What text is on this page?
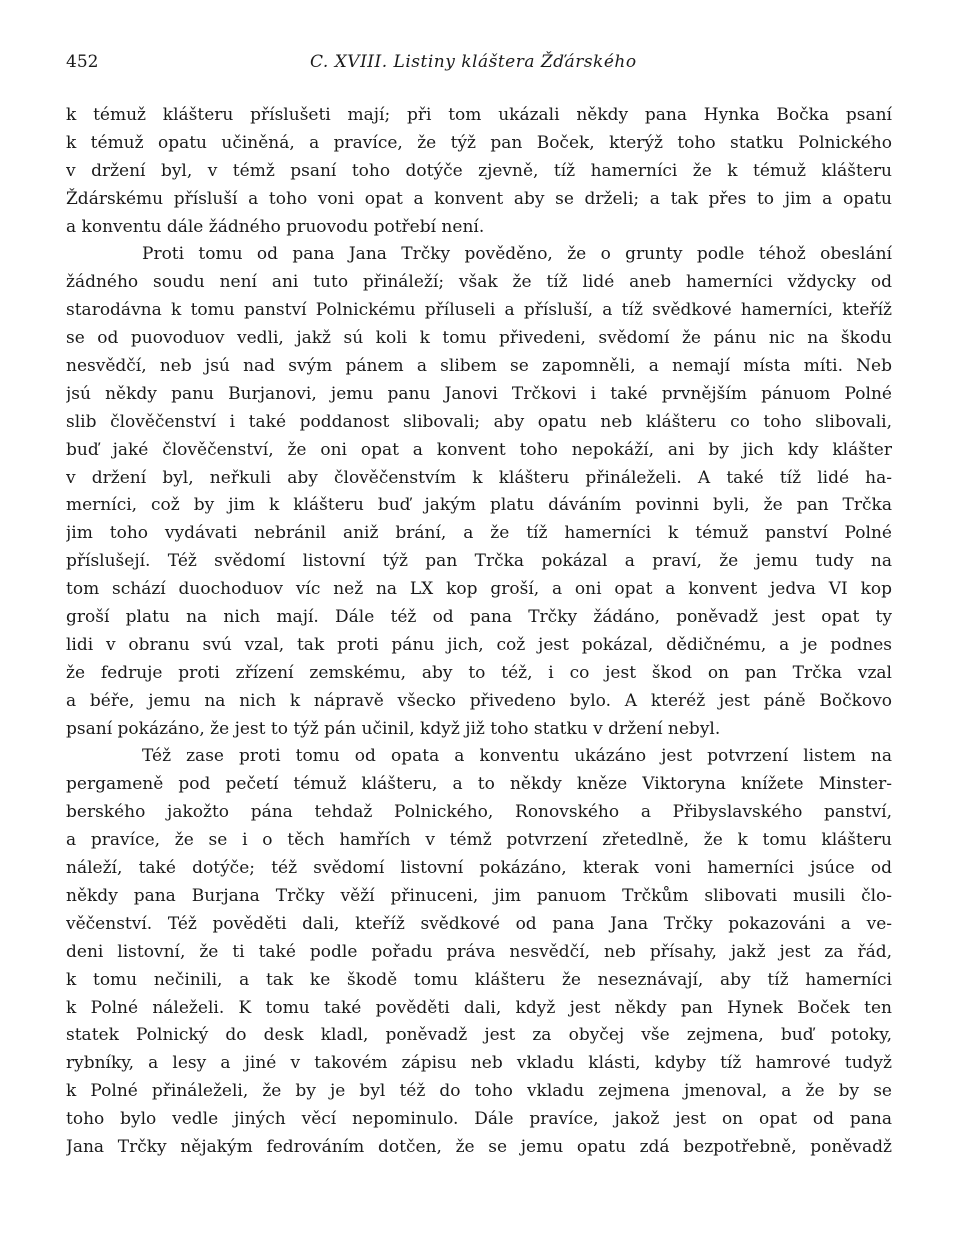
452	C. XVIII. Listiny kláštera Žďárského
k témuž klášteru příslušeti mají; při tom ukázali někdy pana Hynka Bočka psaní
k témuž opatu učiněná, a pravíce, že týž pan Boček, kterýž toho statku Polnického
v držení byl, v témž psaní toho dotýče zjevně, tíž hamerníci že k témuž klášteru
Ždárskému přísluší a toho voni opat a konvent aby se drželi; a tak přes to jim a opatu
a konventu dále žádného pruovodu potřebí není.
Proti tomu od pana Jana Trčky pověděno, že o grunty podle téhož obeslání
žádného soudu není ani tuto přináleží; však že tíž lidé aneb hamerníci vždycky od
starodávna k tomu panství Polnickému příluseli a přísluší, a tíž svědkové hamerníci, kteříž
se od puovoduov vedli, jakž sú koli k tomu přivedeni, svědomí že pánu nic na škodu
nesvědčí, neb jsú nad svým pánem a slibem se zapomněli, a nemají místa míti. Neb
jsú někdy panu Burjanovi, jemu panu Janovi Trčkovi i také prvnějším pánuom Polné
slib člověčenství i také poddanost slibovali; aby opatu neb klášteru co toho slibovali,
buď jaké člověčenství, že oni opat a konvent toho nepokáží, ani by jich kdy klášter
v držení byl, neřkuli aby člověčenstvím k klášteru přináleželi. A také tíž lidé ha-
merníci, což by jim k klášteru buď jakým platu dáváním povinni byli, že pan Trčka
jim toho vydávati nebránil aniž brání, a že tíž hamerníci k témuž panství Polné
příslušejí. Též svědomí listovní týž pan Trčka pokázal a praví, že jemu tudy na
tom schází duochoduov víc než na LX kop groší, a oni opat a konvent jedva VI kop
groší platu na nich mají. Dále též od pana Trčky žádáno, poněvadž jest opat ty
lidi v obranu svú vzal, tak proti pánu jich, což jest pokázal, dědičnému, a je podnes
že fedruje proti zřízení zemskému, aby to též, i co jest škod on pan Trčka vzal
a béře, jemu na nich k nápravě všecko přivedeno bylo. A kteréž jest páně Bočkovo
psaní pokázáno, že jest to týž pán učinil, když již toho statku v držení nebyl.
Též zase proti tomu od opata a konventu ukázáno jest potvrzení listem na
pergameně pod pečetí témuž klášteru, a to někdy kněze Viktoryna knížete Minster-
berského jakožto pána tehdaž Polnického, Ronovského a Přibyslavského panství,
a pravíce, že se i o těch hamřích v témž potvrzení zřetedlně, že k tomu klášteru
náleží, také dotýče; též svědomí listovní pokázáno, kterak voni hamerníci jsúce od
někdy pana Burjana Trčky věží přinuceni, jim panuom Trčkům slibovati musili člo-
věčenství. Též pověděti dali, kteříž svědkové od pana Jana Trčky pokazováni a ve-
deni listovní, že ti také podle pořadu práva nesvědčí, neb přísahy, jakž jest za řád,
k tomu nečinili, a tak ke škodě tomu klášteru že neseznávají, aby tíž hamerníci
k Polné náleželi. K tomu také pověděti dali, když jest někdy pan Hynek Boček ten
statek Polnický do desk kladl, poněvadž jest za obyčej vše zejmena, buď potoky,
rybníky, a lesy a jiné v takovém zápisu neb vkladu klásti, kdyby tíž hamrové tudyž
k Polné přináleželi, že by je byl též do toho vkladu zejmena jmenoval, a že by se
toho bylo vedle jiných věcí nepominulo. Dále pravíce, jakož jest on opat od pana
Jana Trčky nějakým fedrováním dotčen, že se jemu opatu zdá bezpotřebně, poněvadž
